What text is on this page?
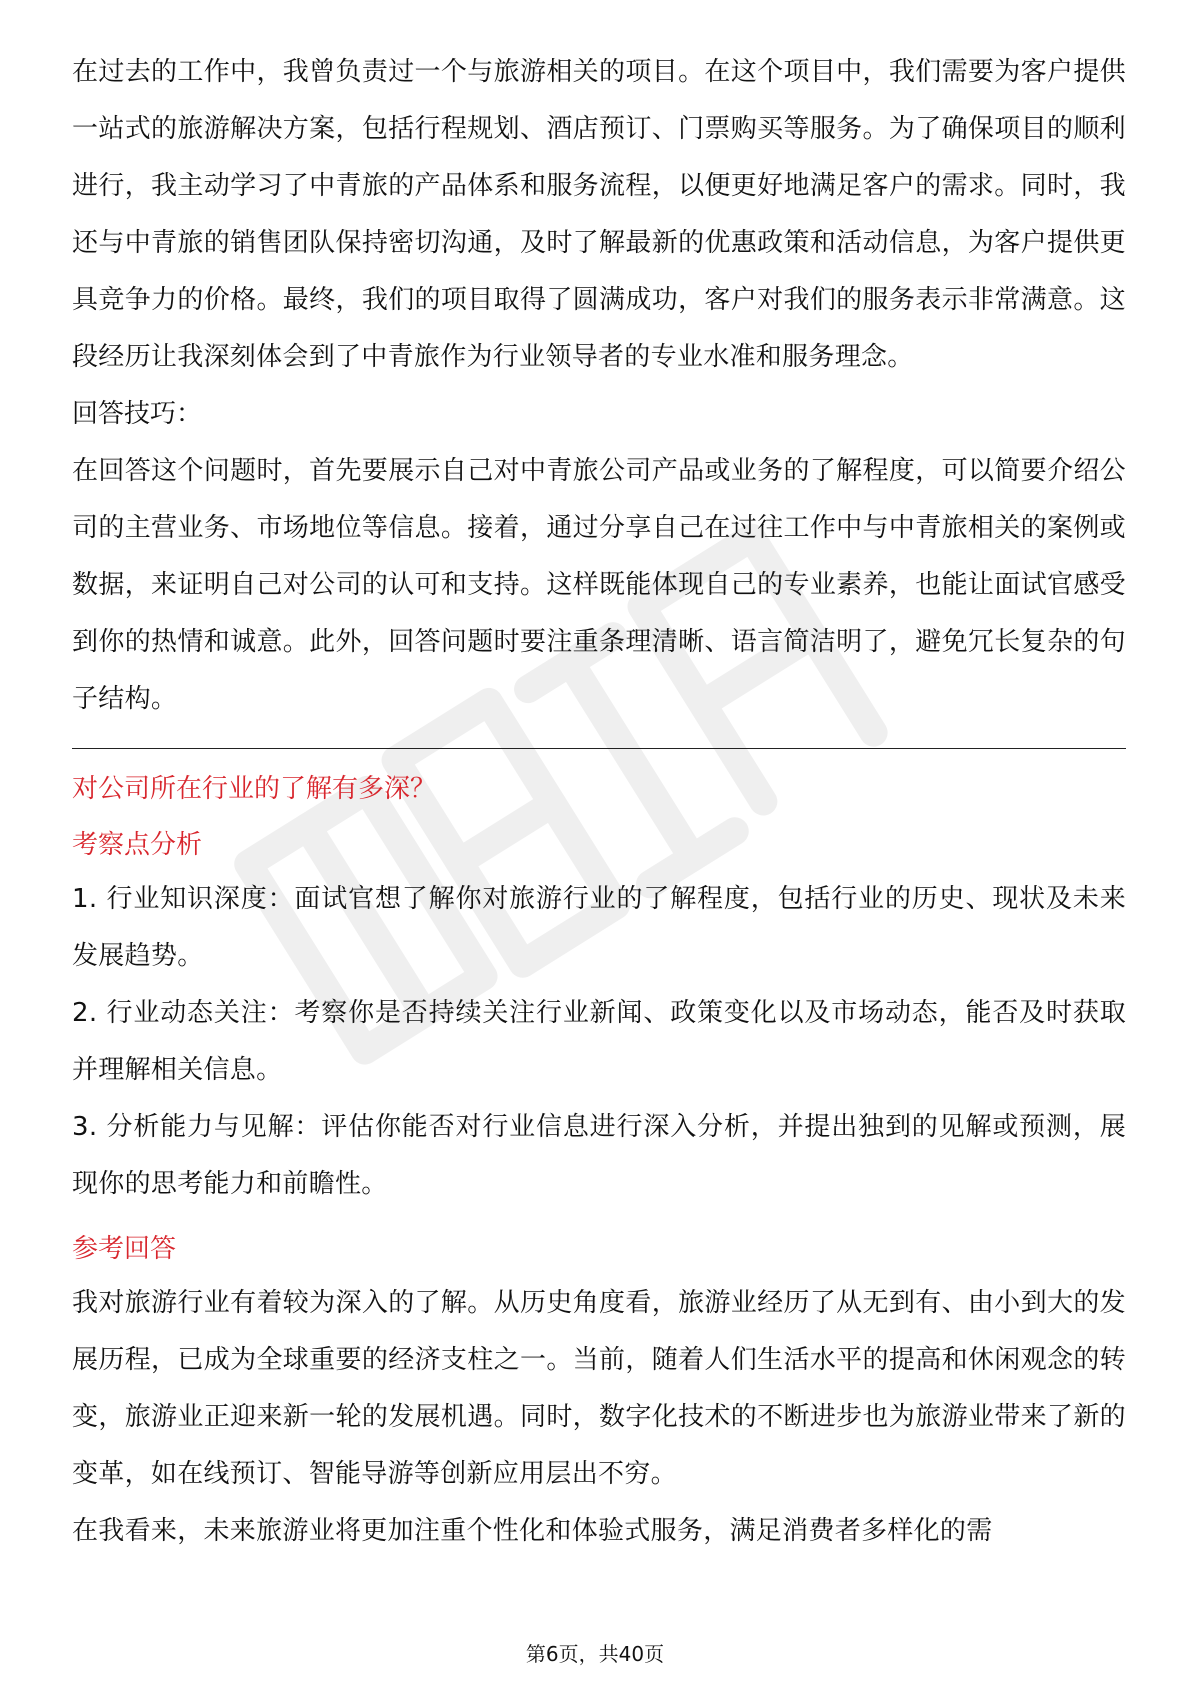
在过去的工作中，我曾负责过一个与旅游相关的项目。在这个项目中，我们需要为客户提供一站式的旅游解决方案，包括行程规划、酒店预订、门票购买等服务。为了确保项目的顺利进行，我主动学习了中青旅的产品体系和服务流程，以便更好地满足客户的需求。同时，我还与中青旅的销售团队保持密切沟通，及时了解最新的优惠政策和活动信息，为客户提供更具竞争力的价格。最终，我们的项目取得了圆满成功，客户对我们的服务表示非常满意。这段经历让我深刻体会到了中青旅作为行业领导者的专业水准和服务理念。

回答技巧：

在回答这个问题时，首先要展示自己对中青旅公司产品或业务的了解程度，可以简要介绍公司的主营业务、市场地位等信息。接着，通过分享自己在过往工作中与中青旅相关的案例或数据，来证明自己对公司的认可和支持。这样既能体现自己的专业素养，也能让面试官感受到你的热情和诚意。此外，回答问题时要注重条理清晰、语言简洁明了，避免冗长复杂的句子结构。

对公司所在行业的了解有多深？

考察点分析

1. 行业知识深度：面试官想了解你对旅游行业的了解程度，包括行业的历史、现状及未来发展趋势。

2. 行业动态关注：考察你是否持续关注行业新闻、政策变化以及市场动态，能否及时获取并理解相关信息。

3. 分析能力与见解：评估你能否对行业信息进行深入分析，并提出独到的见解或预测，展现你的思考能力和前瞻性。

参考回答

我对旅游行业有着较为深入的了解。从历史角度看，旅游业经历了从无到有、由小到大的发展历程，已成为全球重要的经济支柱之一。当前，随着人们生活水平的提高和休闲观念的转变，旅游业正迎来新一轮的发展机遇。同时，数字化技术的不断进步也为旅游业带来了新的变革，如在线预订、智能导游等创新应用层出不穷。

在我看来，未来旅游业将更加注重个性化和体验式服务，满足消费者多样化的需

第6页，共40页
